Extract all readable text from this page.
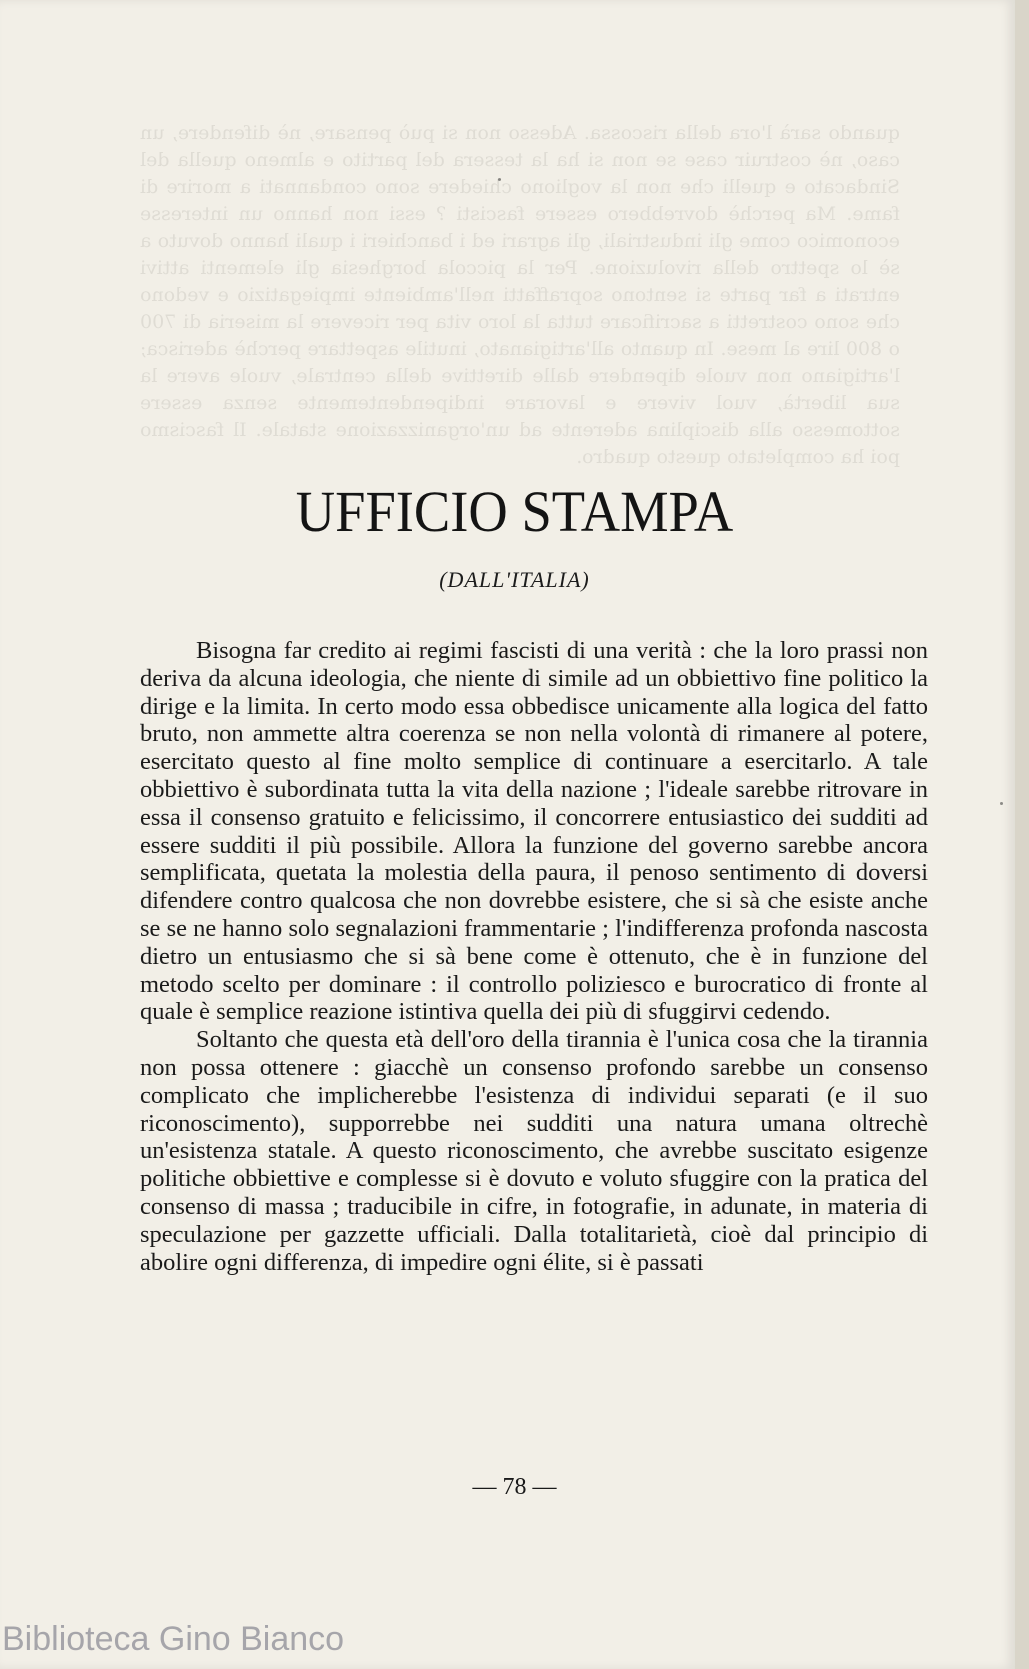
UFFICIO STAMPA
(DALL'ITALIA)

Bisogna far credito ai regimi fascisti di una verità : che la loro prassi non deriva da alcuna ideologia, che niente di simile ad un obbiettivo fine politico la dirige e la limita. In certo modo essa obbedisce unicamente alla logica del fatto bruto, non ammette altra coerenza se non nella volontà di rimanere al potere, esercitato questo al fine molto semplice di continuare a esercitarlo. A tale obbiettivo è subordinata tutta la vita della nazione ; l'ideale sarebbe ritrovare in essa il consenso gratuito e felicissimo, il concorrere entusiastico dei sudditi ad essere sudditi il più possibile. Allora la funzione del governo sarebbe ancora semplificata, quetata la molestia della paura, il penoso sentimento di doversi difendere contro qualcosa che non dovrebbe esistere, che si sà che esiste anche se se ne hanno solo segnalazioni frammentarie ; l'indifferenza profonda nascosta dietro un entusiasmo che si sà bene come è ottenuto, che è in funzione del metodo scelto per dominare : il controllo poliziesco e burocratico di fronte al quale è semplice reazione istintiva quella dei più di sfuggirvi cedendo.

Soltanto che questa età dell'oro della tirannia è l'unica cosa che la tirannia non possa ottenere : giacchè un consenso profondo sarebbe un consenso complicato che implicherebbe l'esistenza di individui separati (e il suo riconoscimento), supporrebbe nei sudditi una natura umana oltrechè un'esistenza statale. A questo riconoscimento, che avrebbe suscitato esigenze politiche obbiettive e complesse si è dovuto e voluto sfuggire con la pratica del consenso di massa ; traducibile in cifre, in fotografie, in adunate, in materia di speculazione per gazzette ufficiali. Dalla totalitarietà, cioè dal principio di abolire ogni differenza, di impedire ogni élite, si è passati

— 78 —
Biblioteca Gino Bianco
